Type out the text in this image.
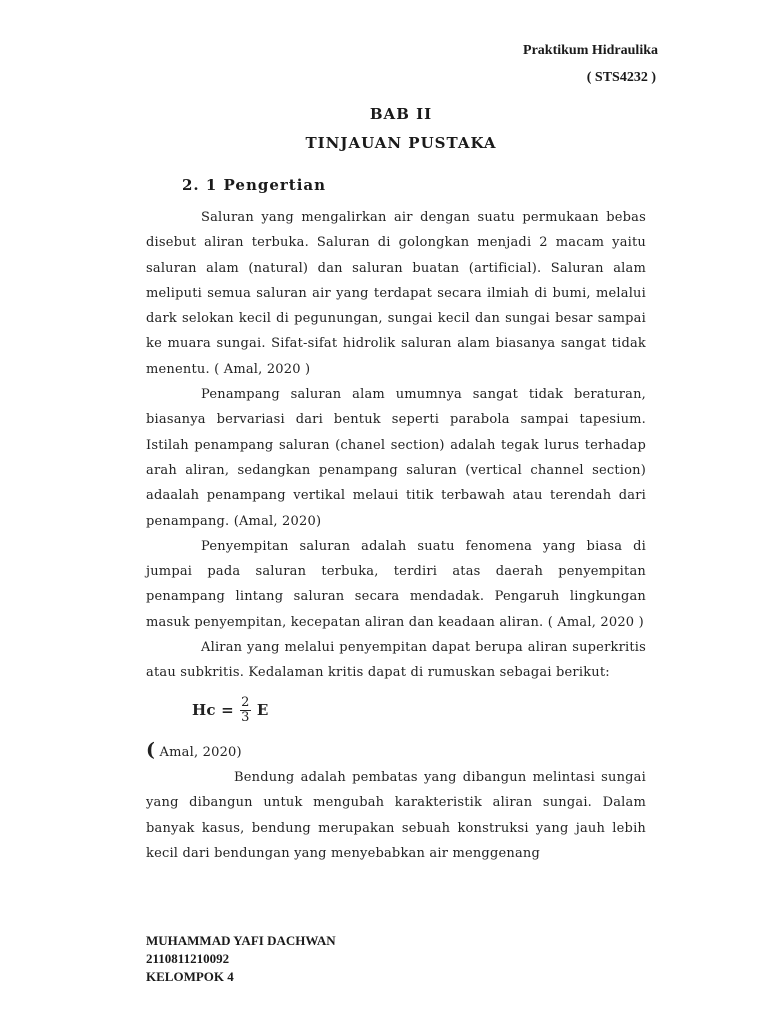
Praktikum Hidraulika
( STS4232 )
BAB II
TINJAUAN PUSTAKA
2. 1 Pengertian

Saluran yang mengalirkan air dengan suatu permukaan bebas disebut aliran terbuka. Saluran di golongkan menjadi 2 macam yaitu saluran alam (natural) dan saluran buatan (artificial). Saluran alam meliputi semua saluran air yang terdapat secara ilmiah di bumi, melalui dark selokan kecil di pegunungan, sungai kecil dan sungai besar sampai ke muara sungai. Sifat-sifat hidrolik saluran alam biasanya sangat tidak menentu. ( Amal, 2020 )

Penampang saluran alam umumnya sangat tidak beraturan, biasanya bervariasi dari bentuk seperti parabola sampai tapesium. Istilah penampang saluran (chanel section) adalah tegak lurus terhadap arah aliran, sedangkan penampang saluran (vertical channel section) adaalah penampang vertikal melaui titik terbawah atau terendah dari penampang. (Amal, 2020)

Penyempitan saluran adalah suatu fenomena yang biasa di jumpai pada saluran terbuka, terdiri atas daerah penyempitan penampang lintang saluran secara mendadak. Pengaruh lingkungan masuk penyempitan, kecepatan aliran dan keadaan aliran. ( Amal, 2020 )

Aliran yang melalui penyempitan dapat berupa aliran superkritis atau subkritis. Kedalaman kritis dapat di rumuskan sebagai berikut:

$Hc = \frac{2}{3}$ E

( Amal, 2020)

Bendung adalah pembatas yang dibangun melintasi sungai yang dibangun untuk mengubah karakteristik aliran sungai. Dalam banyak kasus, bendung merupakan sebuah konstruksi yang jauh lebih kecil dari bendungan yang menyebabkan air menggenang

MUHAMMAD YAFI DACHWAN
2110811210092
KELOMPOK 4
